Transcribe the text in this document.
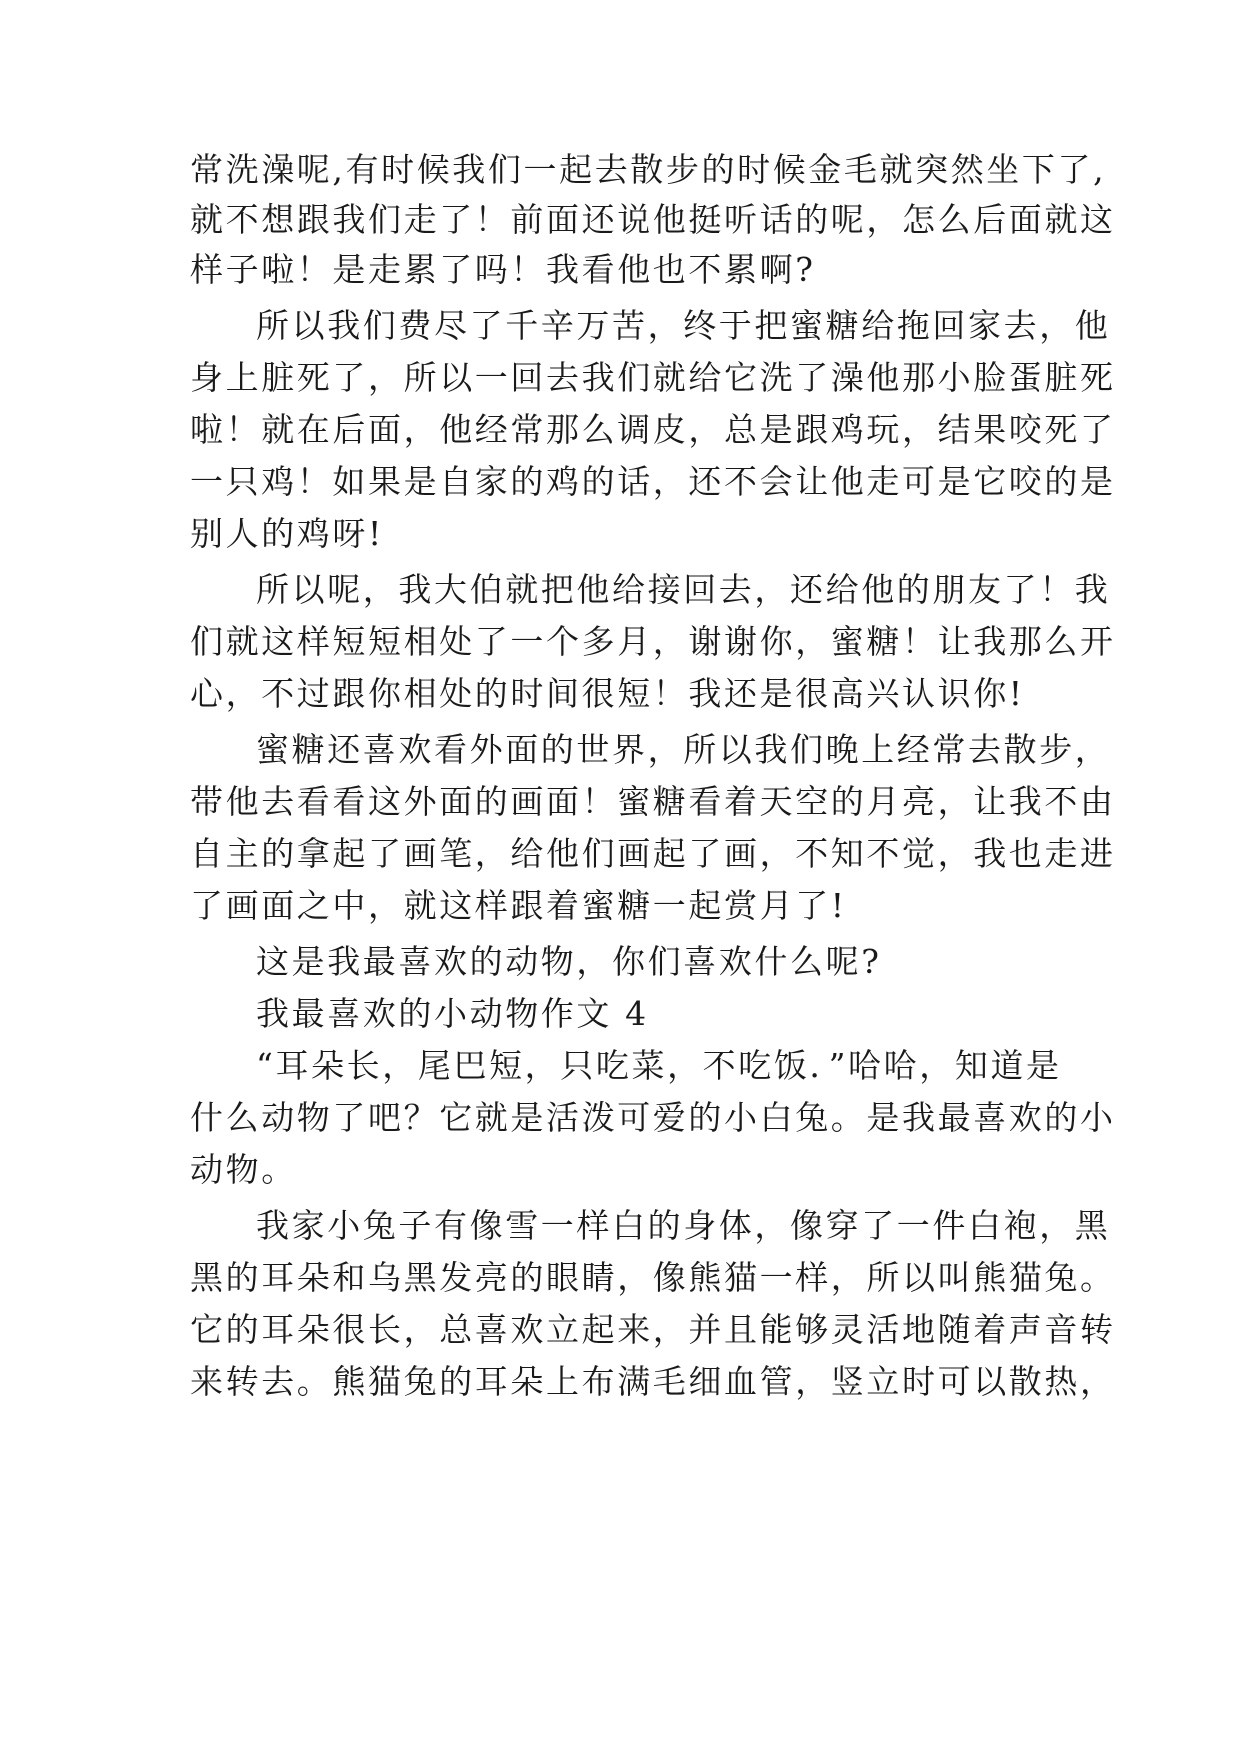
常洗澡呢,有时候我们一起去散步的时候金毛就突然坐下了,
就不想跟我们走了！前面还说他挺听话的呢，怎么后面就这
样子啦！是走累了吗！我看他也不累啊?
所以我们费尽了千辛万苦，终于把蜜糖给拖回家去，他
身上脏死了，所以一回去我们就给它洗了澡他那小脸蛋脏死
啦！就在后面，他经常那么调皮，总是跟鸡玩，结果咬死了
一只鸡！如果是自家的鸡的话，还不会让他走可是它咬的是
别人的鸡呀!
所以呢，我大伯就把他给接回去，还给他的朋友了！我
们就这样短短相处了一个多月，谢谢你，蜜糖！让我那么开
心，不过跟你相处的时间很短！我还是很高兴认识你!
蜜糖还喜欢看外面的世界，所以我们晚上经常去散步，
带他去看看这外面的画面！蜜糖看着天空的月亮，让我不由
自主的拿起了画笔，给他们画起了画，不知不觉，我也走进
了画面之中，就这样跟着蜜糖一起赏月了!
这是我最喜欢的动物，你们喜欢什么呢?
我最喜欢的小动物作文 4
“耳朵长，尾巴短，只吃菜，不吃饭．”哈哈，知道是
什么动物了吧？它就是活泼可爱的小白兔。是我最喜欢的小
动物。
我家小兔子有像雪一样白的身体，像穿了一件白袍，黑
黑的耳朵和乌黑发亮的眼睛，像熊猫一样，所以叫熊猫兔。
它的耳朵很长，总喜欢立起来，并且能够灵活地随着声音转
来转去。熊猫兔的耳朵上布满毛细血管，竖立时可以散热，
